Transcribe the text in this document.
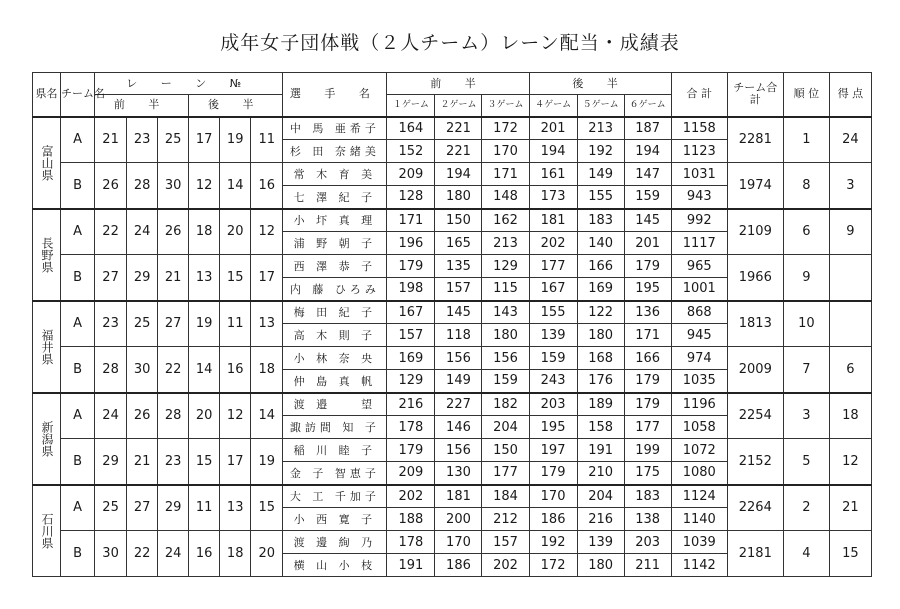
成年女子団体戦（２人チーム）レーン配当・成績表
県名	チーム名	レ ー ン №						選 手 名	前 半			後 半			合 計	チーム合 計	順 位	得 点
		前 半			後 半				１ゲーム	２ゲーム	３ゲーム	４ゲーム	５ゲーム	６ゲーム				

富山県	A	21	23	25	17	19	11	中 馬 亜希子	164	221	172	201	213	187	1158	2281	1	24
								杉 田 奈緒美	152	221	170	194	192	194	1123			
	B	26	28	30	12	14	16	常 木 育 美	209	194	171	161	149	147	1031	1974	8	3
								七 澤 紀 子	128	180	148	173	155	159	943			

長野県	A	22	24	26	18	20	12	小 圷 真 理	171	150	162	181	183	145	992	2109	6	9
								浦 野 朝 子	196	165	213	202	140	201	1117			
	B	27	29	21	13	15	17	西 澤 恭 子	179	135	129	177	166	179	965	1966	9	
								内 藤 ひろみ	198	157	115	167	169	195	1001			

福井県	A	23	25	27	19	11	13	梅 田 紀 子	167	145	143	155	122	136	868	1813	10	
								高 木 則 子	157	118	180	139	180	171	945			
	B	28	30	22	14	16	18	小 林 奈 央	169	156	156	159	168	166	974	2009	7	6
								仲 島 真 帆	129	149	159	243	176	179	1035			

新潟県	A	24	26	28	20	12	14	渡 邉 　 望	216	227	182	203	189	179	1196	2254	3	18
								諏訪間 知 子	178	146	204	195	158	177	1058			
	B	29	21	23	15	17	19	稲 川 睦 子	179	156	150	197	191	199	1072	2152	5	12
								金 子 智恵子	209	130	177	179	210	175	1080			

石川県	A	25	27	29	11	13	15	大 工 千加子	202	181	184	170	204	183	1124	2264	2	21
								小 西 寛 子	188	200	212	186	216	138	1140			
	B	30	22	24	16	18	20	渡 邊 絢 乃	178	170	157	192	139	203	1039	2181	4	15
								横 山 小 枝	191	186	202	172	180	211	1142			
